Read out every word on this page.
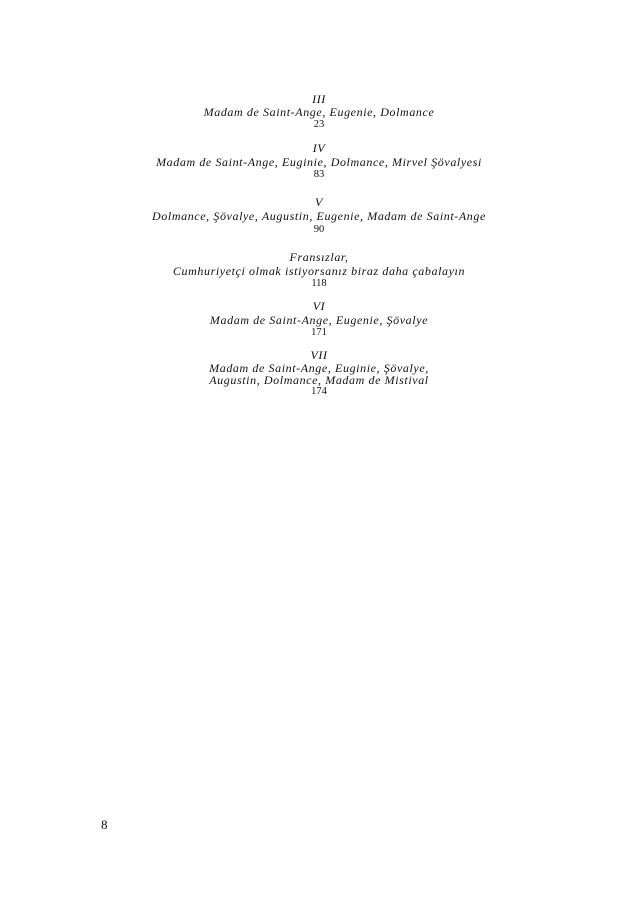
III
Madam de Saint-Ange, Eugenie, Dolmance
23
IV
Madam de Saint-Ange, Euginie, Dolmance, Mirvel Şövalyesi
83
V
Dolmance, Şövalye, Augustin, Eugenie, Madam de Saint-Ange
90
Fransızlar,
Cumhuriyetçi olmak istiyorsanız biraz daha çabalayın
118
VI
Madam de Saint-Ange, Eugenie, Şövalye
171
VII
Madam de Saint-Ange, Euginie, Şövalye,
Augustin, Dolmance, Madam de Mistival
174
8
